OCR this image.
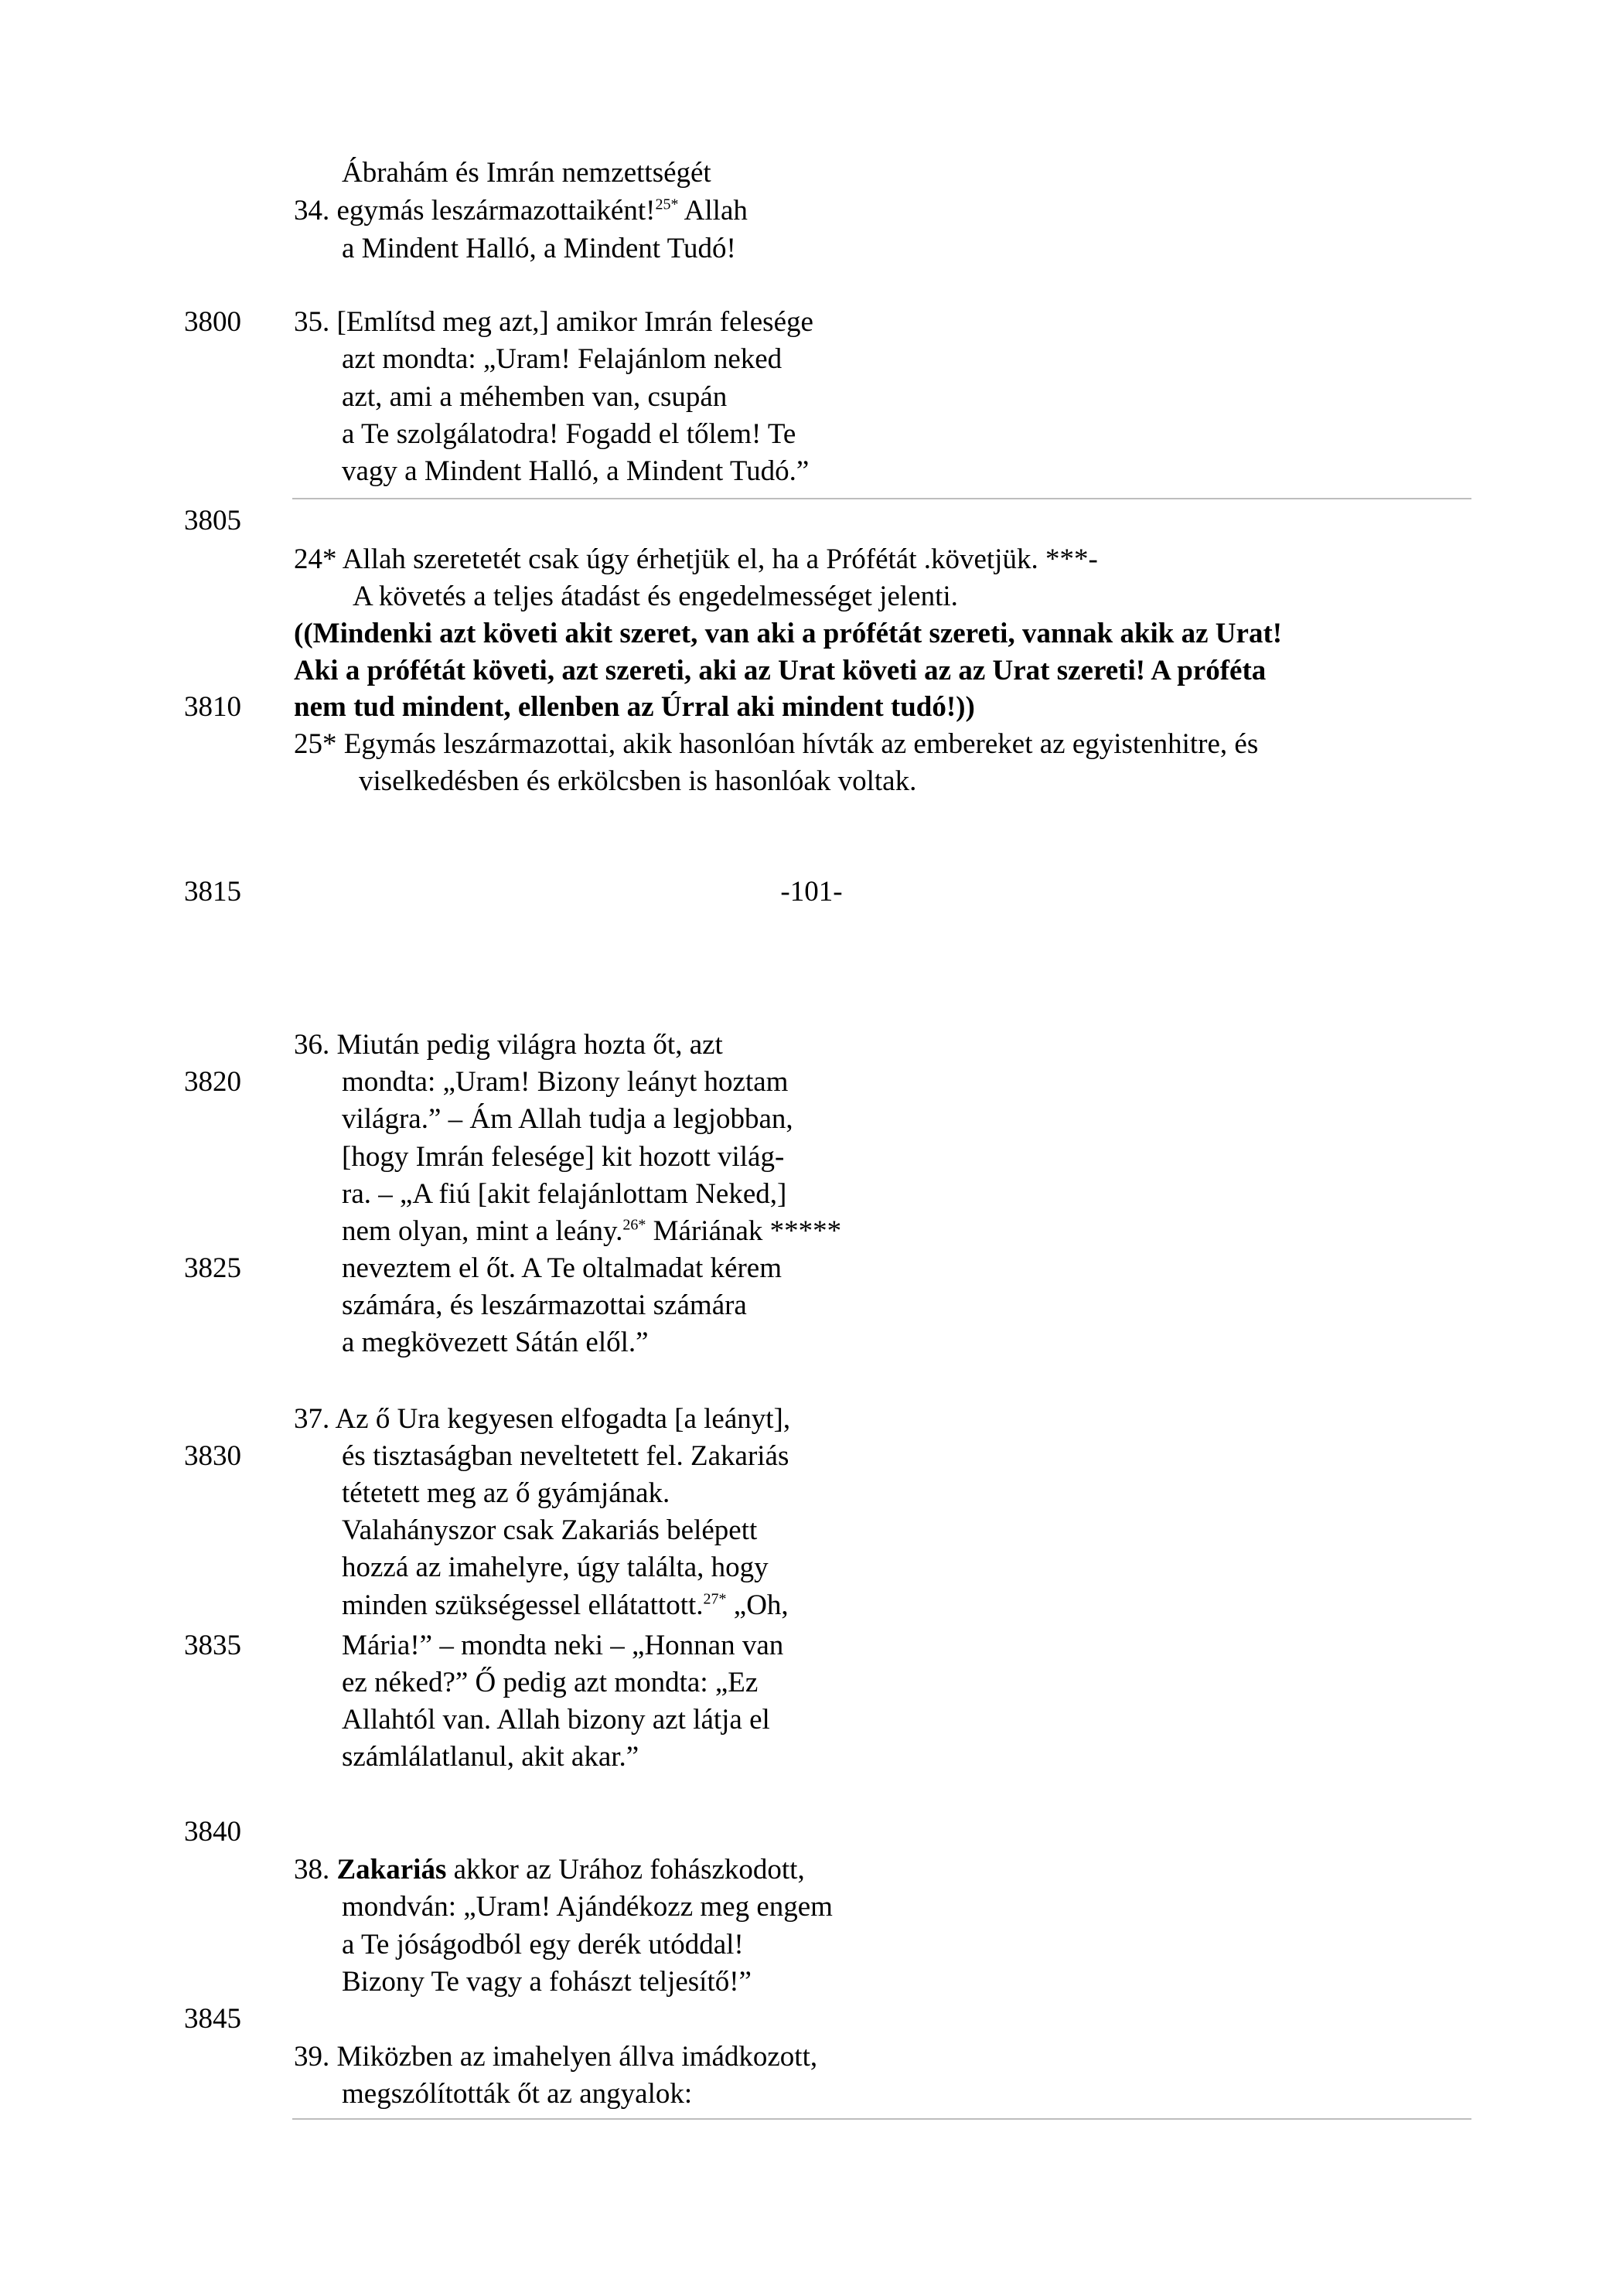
3800
3805
3810
3815
3820
3825
3830
3835
3840
3845
Ábrahám és Imrán nemzettségét
34. egymás leszármazottaiként!$^{25*}$ Allah
a Mindent Halló, a Mindent Tudó!
35. [Említsd meg azt,] amikor Imrán felesége
azt mondta: „Uram! Felajánlom neked
azt, ami a méhemben van, csupán
a Te szolgálatodra! Fogadd el tőlem! Te
vagy a Mindent Halló, a Mindent Tudó.”
24* Allah szeretetét csak úgy érhetjük el, ha a Prófétát .követjük. ***-
A követés a teljes átadást és engedelmességet jelenti.
((Mindenki azt követi akit szeret, van aki a prófétát szereti, vannak akik az Urat!
Aki a prófétát követi, azt szereti, aki az Urat követi az az Urat szereti! A próféta
nem tud mindent, ellenben az Úrral aki mindent tudó!))
25* Egymás leszármazottai, akik hasonlóan hívták az embereket az egyistenhitre, és
viselkedésben és erkölcsben is hasonlóak voltak.
-101-
36. Miután pedig világra hozta őt, azt
mondta: „Uram! Bizony leányt hoztam
világra.” – Ám Allah tudja a legjobban,
[hogy Imrán felesége] kit hozott világ-
ra. – „A fiú [akit felajánlottam Neked,]
nem olyan, mint a leány.$^{26*}$ Máriának *****
neveztem el őt. A Te oltalmadat kérem
számára, és leszármazottai számára
a megkövezett Sátán elől.”
37. Az ő Ura kegyesen elfogadta [a leányt],
és tisztaságban neveltetett fel. Zakariás
tétetett meg az ő gyámjának.
Valahányszor csak Zakariás belépett
hozzá az imahelyre, úgy találta, hogy
minden szükségessel ellátattott.$^{27*}$ „Oh,
Mária!” – mondta neki – „Honnan van
ez néked?” Ő pedig azt mondta: „Ez
Allahtól van. Allah bizony azt látja el
számlálatlanul, akit akar.”
38. Zakariás akkor az Urához fohászkodott,
mondván: „Uram! Ajándékozz meg engem
a Te jóságodból egy derék utóddal!
Bizony Te vagy a fohászt teljesítő!”
39. Miközben az imahelyen állva imádkozott,
megszólították őt az angyalok:
